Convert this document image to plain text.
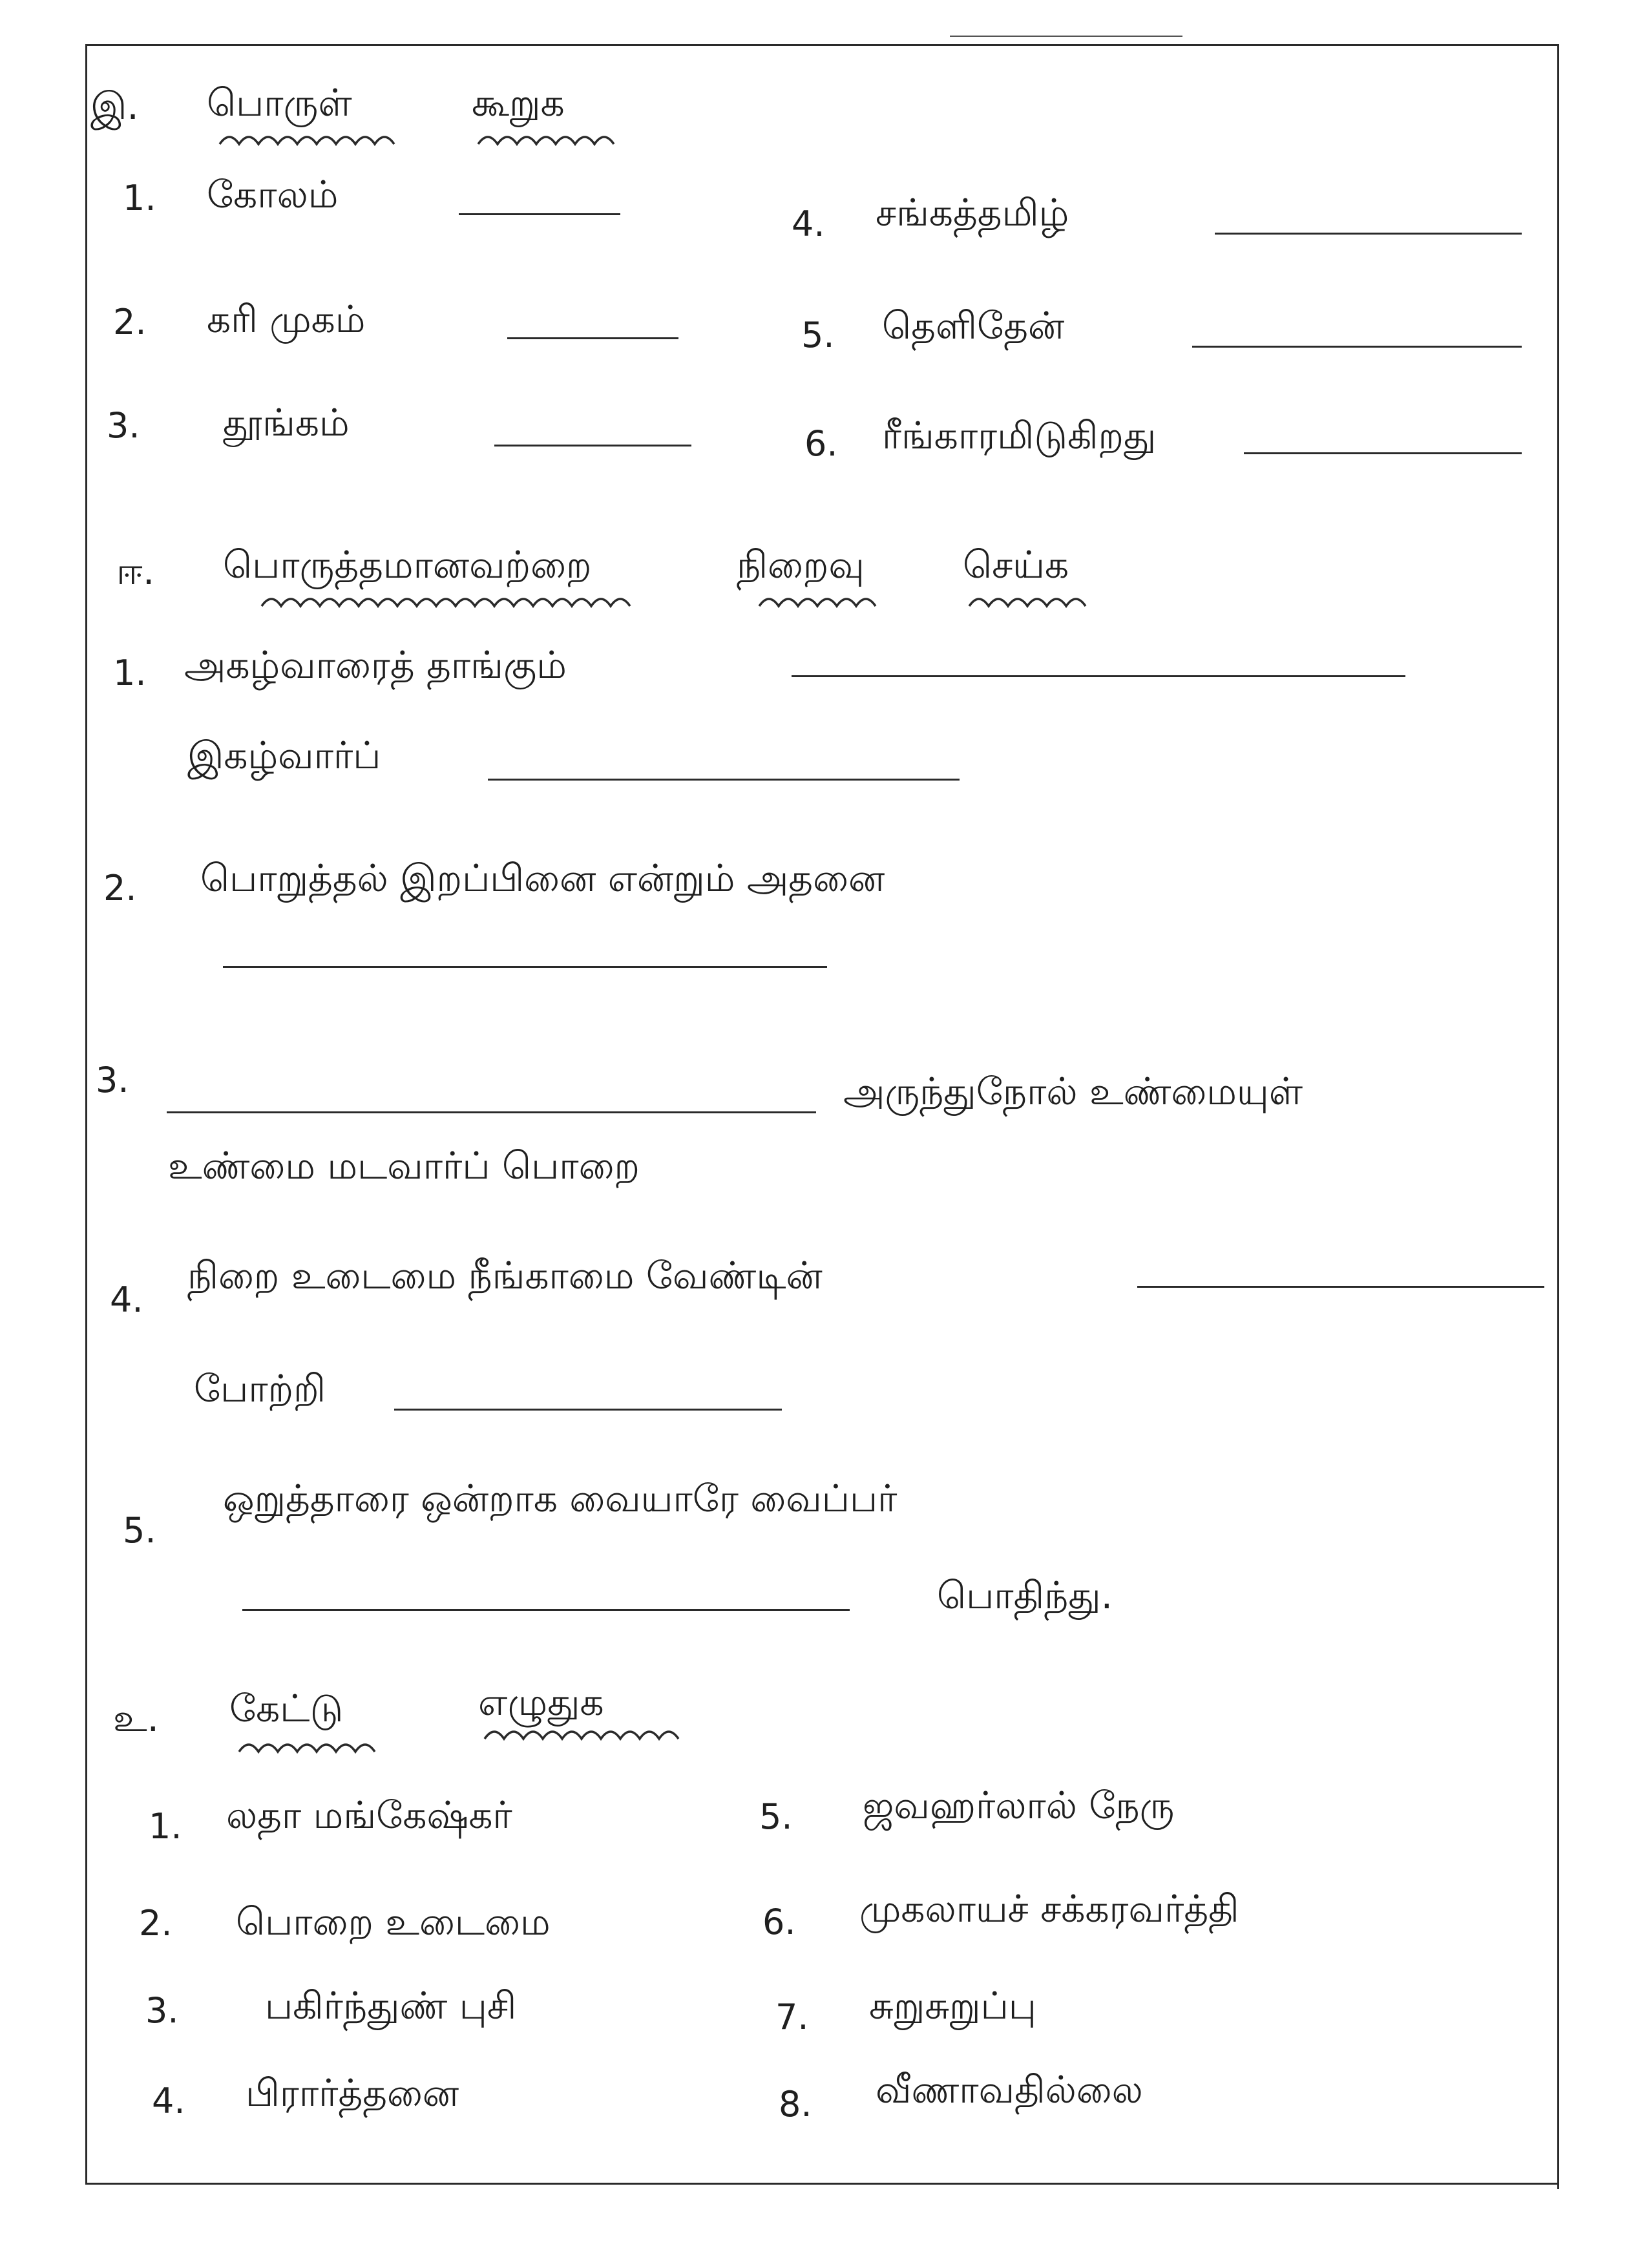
இ. பொருள்	கூறுக
1. கோலம்
2. கரி முகம்
3. தூங்கம்
4. சங்கத்தமிழ்
5. தெளிதேன்
6. ரீங்காரமிடுகிறது
ஈ. பொருத்தமானவற்றை	நிறைவு	செய்க
1. அகழ்வாரைத் தாங்கும்
இகழ்வார்ப்
2. பொறுத்தல் இறப்பினை என்றும் அதனை
3.	அருந்துநோல் உண்மையுள்
உண்மை மடவார்ப் பொறை
4.
நிறை உடைமை நீங்காமை வேண்டின்
போற்றி
5.
ஒறுத்தாரை ஒன்றாக வையாரே வைப்பர்
பொதிந்து.
உ. கேட்டு	எழுதுக
1. லதா மங்கேஷ்கர்
2. பொறை உடைமை
3. பகிர்ந்துண் புசி
4. பிரார்த்தனை
5. ஜவஹர்லால் நேரு
6. முகலாயச் சக்கரவர்த்தி
7. சுறுசுறுப்பு
8. வீணாவதில்லை
